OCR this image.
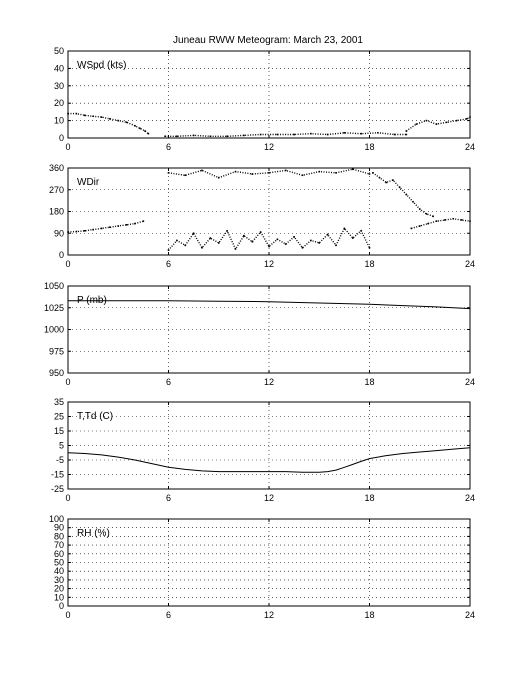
Juneau RWW Meteogram: March 23, 2001
0	6	12	18	24
0
10
20
30
40
50
WSpd (kts)
0	6	12	18	24
0
90
180
270
360
WDir
0	6	12	18	24
950
975
1000
1025
1050
P (mb)
0	6	12	18	24
-25
-15
-5
5
15
25
35
T,Td (C)
0	6	12	18	24
0
10
20
30
40
50
60
70
80
90
100
RH (%)
